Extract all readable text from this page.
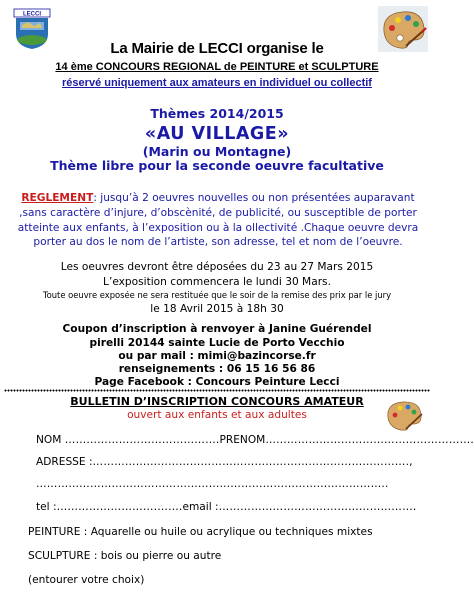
LECCI
La Mairie de LECCI organise le
14 ème CONCOURS REGIONAL de PEINTURE et SCULPTURE
réservé uniquement aux amateurs en individuel ou collectif
Thèmes 2014/2015
«AU VILLAGE»
(Marin ou Montagne)
Thème libre pour la seconde oeuvre facultative
REGLEMENT: jusqu’à 2 oeuvres nouvelles ou non présentées auparavant ,sans caractère d’injure, d’obscènité, de publicité, ou susceptible de porter atteinte aux enfants, à l’exposition ou à la ollectivité .Chaque oeuvre devra porter au dos le nom de l’artiste, son adresse, tel et nom de l’oeuvre.
Les oeuvres devront être déposées du 23 au 27 Mars 2015
L’exposition commencera le lundi 30 Mars.
Toute oeuvre exposée ne sera restituée que le soir de la remise des prix par le jury
le 18 Avril 2015 à 18h 30
Coupon d’inscription à renvoyer à Janine Guérendel
pirelli 20144 sainte Lucie de Porto Vecchio
ou par mail : mimi@bazincorse.fr
renseignements : 06 15 16 56 86
Page Facebook : Concours Peinture Lecci
BULLETIN D’INSCRIPTION CONCOURS AMATEUR
ouvert aux enfants et aux adultes
NOM …………………………………….PRENOM………………………………………………….
ADRESSE :…………………………………………………………………………….,
……………………………………………………………………………………..
tel :……………………….…….email :……………………………………………….
PEINTURE : Aquarelle ou huile ou acrylique ou techniques mixtes
SCULPTURE : bois ou pierre ou autre
(entourer votre choix)
